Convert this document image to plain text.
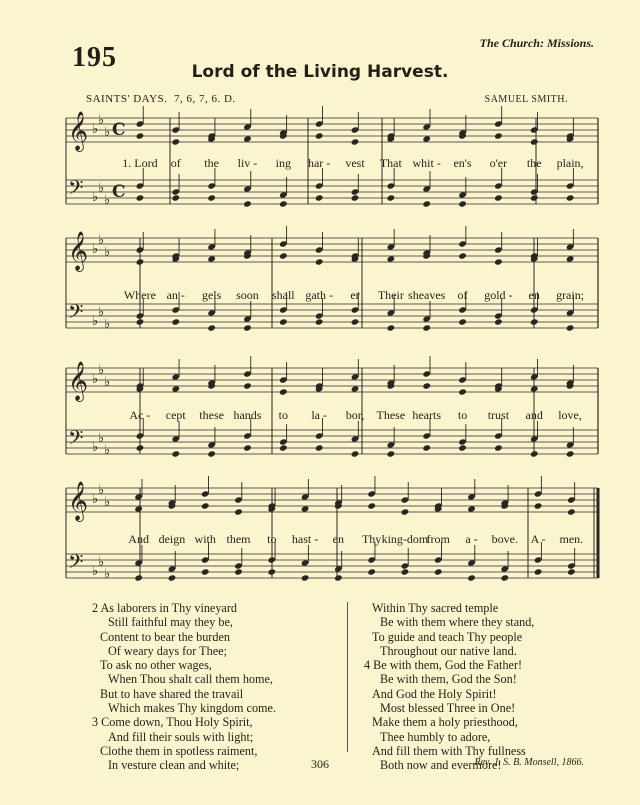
195	The Church: Missions.
Lord of the Living Harvest.
SAINTS' DAYS. 7, 6, 7, 6. D.	SAMUEL SMITH.
𝄞 ♭
♭
♭ C
𝄢 ♭
♭
♭ C
𝄞 ♭
♭
♭
𝄢 ♭
♭
♭
𝄞 ♭
♭
♭
𝄢 ♭
♭
♭
𝄞 ♭
♭
♭
𝄢 ♭
♭
♭
1. Lord of the liv - ing har - vest That whit - en's o'er the plain,
Where an - gels soon shall gath - er Their sheaves of gold - en grain;
Ac - cept these hands to la - bor, These hearts to trust and love,
And deign with them to hast - en Thy king-dom
from a - bove. A - men.
2 As laborers in Thy vineyard
Still faithful may they be,
Content to bear the burden
Of weary days for Thee;
To ask no other wages,
When Thou shalt call them home,
But to have shared the travail
Which makes Thy kingdom come.
3 Come down, Thou Holy Spirit,
And fill their souls with light;
Clothe them in spotless raiment,
In vesture clean and white;
Within Thy sacred temple
Be with them where they stand,
To guide and teach Thy people
Throughout our native land.
4 Be with them, God the Father!
Be with them, God the Son!
And God the Holy Spirit!
Most blessed Three in One!
Make them a holy priesthood,
Thee humbly to adore,
And fill them with Thy fullness
Both now and evermore!
306	Rev. J. S. B. Monsell, 1866.
